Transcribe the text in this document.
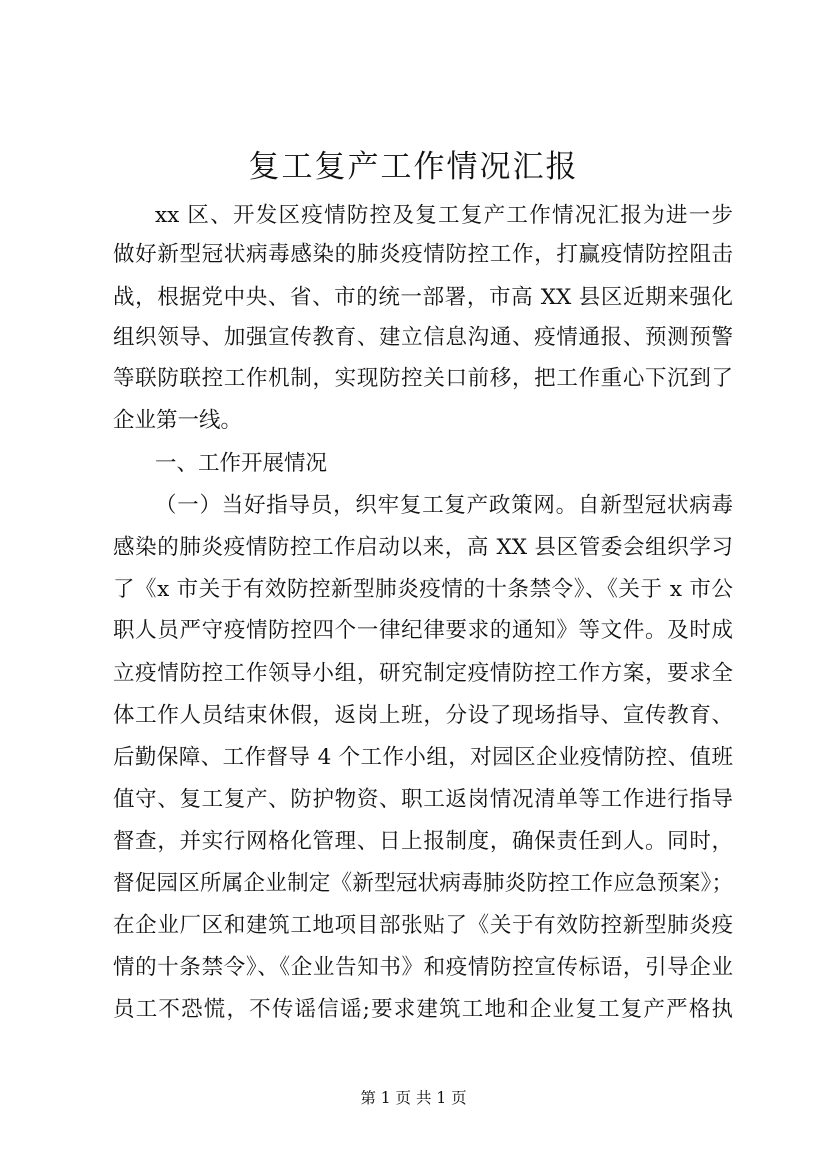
复工复产工作情况汇报
xx 区、开发区疫情防控及复工复产工作情况汇报为进一步
做好新型冠状病毒感染的肺炎疫情防控工作，打赢疫情防控阻击
战，根据党中央、省、市的统一部署，市高 XX 县区近期来强化
组织领导、加强宣传教育、建立信息沟通、疫情通报、预测预警
等联防联控工作机制，实现防控关口前移，把工作重心下沉到了
企业第一线。
一、工作开展情况
（一）当好指导员，织牢复工复产政策网。自新型冠状病毒
感染的肺炎疫情防控工作启动以来，高 XX 县区管委会组织学习
了《x 市关于有效防控新型肺炎疫情的十条禁令》、《关于 x 市公
职人员严守疫情防控四个一律纪律要求的通知》等文件。及时成
立疫情防控工作领导小组，研究制定疫情防控工作方案，要求全
体工作人员结束休假，返岗上班，分设了现场指导、宣传教育、
后勤保障、工作督导 4 个工作小组，对园区企业疫情防控、值班
值守、复工复产、防护物资、职工返岗情况清单等工作进行指导
督查，并实行网格化管理、日上报制度，确保责任到人。同时，
督促园区所属企业制定《新型冠状病毒肺炎防控工作应急预案》；
在企业厂区和建筑工地项目部张贴了《关于有效防控新型肺炎疫
情的十条禁令》、《企业告知书》和疫情防控宣传标语，引导企业
员工不恐慌，不传谣信谣;要求建筑工地和企业复工复产严格执
第 1 页 共 1 页
